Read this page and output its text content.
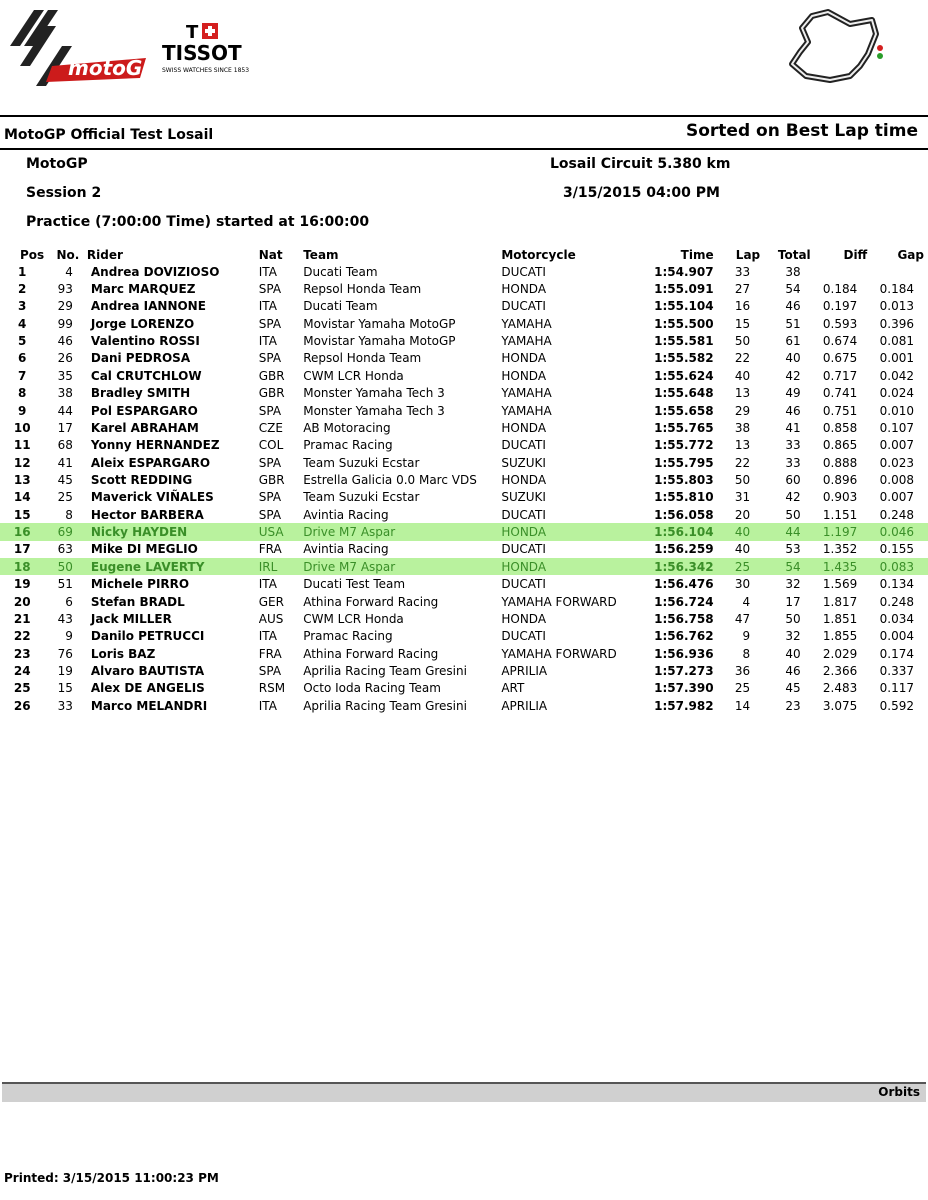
motoGP
T
TISSOT
SWISS WATCHES SINCE 1853
MotoGP Official Test Losail	Sorted on Best Lap time
MotoGP	Losail Circuit 5.380 km
Session 2	3/15/2015 04:00 PM
Practice (7:00:00 Time) started at 16:00:00
Pos	No.	Rider	Nat	Team	Motorcycle	Time	Lap	Total	Diff	Gap
1	4	Andrea DOVIZIOSO	ITA	Ducati Team	DUCATI	1:54.907	33	38		
2	93	Marc MARQUEZ	SPA	Repsol Honda Team	HONDA	1:55.091	27	54	0.184	0.184
3	29	Andrea IANNONE	ITA	Ducati Team	DUCATI	1:55.104	16	46	0.197	0.013
4	99	Jorge LORENZO	SPA	Movistar Yamaha MotoGP	YAMAHA	1:55.500	15	51	0.593	0.396
5	46	Valentino ROSSI	ITA	Movistar Yamaha MotoGP	YAMAHA	1:55.581	50	61	0.674	0.081
6	26	Dani PEDROSA	SPA	Repsol Honda Team	HONDA	1:55.582	22	40	0.675	0.001
7	35	Cal CRUTCHLOW	GBR	CWM LCR Honda	HONDA	1:55.624	40	42	0.717	0.042
8	38	Bradley SMITH	GBR	Monster Yamaha Tech 3	YAMAHA	1:55.648	13	49	0.741	0.024
9	44	Pol ESPARGARO	SPA	Monster Yamaha Tech 3	YAMAHA	1:55.658	29	46	0.751	0.010
10	17	Karel ABRAHAM	CZE	AB Motoracing	HONDA	1:55.765	38	41	0.858	0.107
11	68	Yonny HERNANDEZ	COL	Pramac Racing	DUCATI	1:55.772	13	33	0.865	0.007
12	41	Aleix ESPARGARO	SPA	Team Suzuki Ecstar	SUZUKI	1:55.795	22	33	0.888	0.023
13	45	Scott REDDING	GBR	Estrella Galicia 0.0 Marc VDS	HONDA	1:55.803	50	60	0.896	0.008
14	25	Maverick VIÑALES	SPA	Team Suzuki Ecstar	SUZUKI	1:55.810	31	42	0.903	0.007
15	8	Hector BARBERA	SPA	Avintia Racing	DUCATI	1:56.058	20	50	1.151	0.248
16	69	Nicky HAYDEN	USA	Drive M7 Aspar	HONDA	1:56.104	40	44	1.197	0.046
17	63	Mike DI MEGLIO	FRA	Avintia Racing	DUCATI	1:56.259	40	53	1.352	0.155
18	50	Eugene LAVERTY	IRL	Drive M7 Aspar	HONDA	1:56.342	25	54	1.435	0.083
19	51	Michele PIRRO	ITA	Ducati Test Team	DUCATI	1:56.476	30	32	1.569	0.134
20	6	Stefan BRADL	GER	Athina Forward Racing	YAMAHA FORWARD	1:56.724	4	17	1.817	0.248
21	43	Jack MILLER	AUS	CWM LCR Honda	HONDA	1:56.758	47	50	1.851	0.034
22	9	Danilo PETRUCCI	ITA	Pramac Racing	DUCATI	1:56.762	9	32	1.855	0.004
23	76	Loris BAZ	FRA	Athina Forward Racing	YAMAHA FORWARD	1:56.936	8	40	2.029	0.174
24	19	Alvaro BAUTISTA	SPA	Aprilia Racing Team Gresini	APRILIA	1:57.273	36	46	2.366	0.337
25	15	Alex DE ANGELIS	RSM	Octo Ioda Racing Team	ART	1:57.390	25	45	2.483	0.117
26	33	Marco MELANDRI	ITA	Aprilia Racing Team Gresini	APRILIA	1:57.982	14	23	3.075	0.592
Orbits
Printed: 3/15/2015 11:00:23 PM
